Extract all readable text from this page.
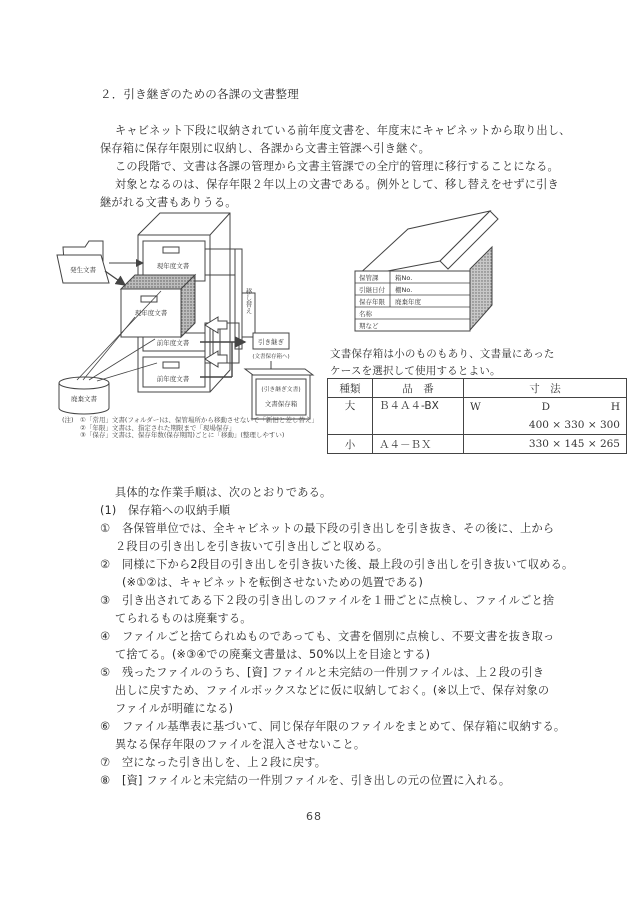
２．引き継ぎのための各課の文書整理
キャビネット下段に収納されている前年度文書を、年度末にキャビネットから取り出し、
保存箱に保存年限別に収納し、各課から文書主管課へ引き継ぐ。
この段階で、文書は各課の管理から文書主管課での全庁的管理に移行することになる。
対象となるのは、保存年限２年以上の文書である。例外として、移し替えをせずに引き
継がれる文書もありうる。
移し替え
発生文書	現年度文書
現年度文書
前年度文書
前年度文書
引き継ぎ
(文書保存箱へ)
(引き継ぎ文書)
文書保存箱
廃棄文書
(注) ①「常用」文書(フォルダー)は、保管場所から移動させないで「新旧と差し替え」
②「年限」文書は、指定された期限まで「現場保存」
③「保存」文書は、保存年数(保存期間)ごとに「移動」(整理しやすい)
保管課	箱No.
引継日付 棚No.
保存年限 廃棄年度
名称
期など
文書保存箱は小のものもあり、文書量にあった
ケースを選択して使用するとよい。
種類	品　番	寸　法
大	Ｂ４Ａ４-BX	W D H

		400 × 330 × 300
小	Ａ４－ＢＸ	330 × 145 × 265
具体的な作業手順は、次のとおりである。
(1)　保存箱への収納手順
① 各保管単位では、全キャビネットの最下段の引き出しを引き抜き、その後に、上から
２段目の引き出しを引き抜いて引き出しごと収める。
② 同様に下から2段目の引き出しを引き抜いた後、最上段の引き出しを引き抜いて収める。
(※①②は、キャビネットを転倒させないための処置である)
③ 引き出されてある下２段の引き出しのファイルを１冊ごとに点検し、ファイルごと捨
てられるものは廃棄する。
④ ファイルごと捨てられぬものであっても、文書を個別に点検し、不要文書を抜き取っ
て捨てる。(※③④での廃棄文書量は、50%以上を目途とする)
⑤ 残ったファイルのうち、[資] ファイルと未完結の一件別ファイルは、上２段の引き
出しに戻すため、ファイルボックスなどに仮に収納しておく。(※以上で、保存対象の
ファイルが明確になる)
⑥ ファイル基準表に基づいて、同じ保存年限のファイルをまとめて、保存箱に収納する。
異なる保存年限のファイルを混入させないこと。
⑦ 空になった引き出しを、上２段に戻す。
⑧ [資] ファイルと未完結の一件別ファイルを、引き出しの元の位置に入れる。
68
